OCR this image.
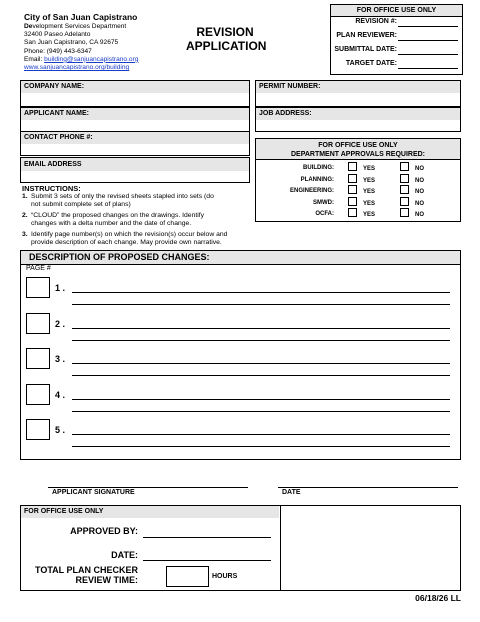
City of San Juan Capistrano
Development Services Department
32400 Paseo Adelanto
San Juan Capistrano, CA 92675
Phone: (949) 443-6347
Email: building@sanjuancapistrano.org
www.sanjuancapistrano.org/building
REVISION
APPLICATION
FOR OFFICE USE ONLY
REVISION #:
PLAN REVIEWER:
SUBMITTAL DATE:
TARGET DATE:
COMPANY NAME:	PERMIT NUMBER:
APPLICANT NAME:	JOB ADDRESS:
CONTACT PHONE #:
EMAIL ADDRESS
FOR OFFICE USE ONLY
DEPARTMENT APPROVALS REQUIRED:
BUILDING:	YES	NO
PLANNING:	YES	NO
ENGINEERING:	YES	NO
SMWD:	YES	NO
OCFA:	YES	NO
INSTRUCTIONS:
1. Submit 3 sets of only the revised sheets stapled into sets (do
not submit complete set of plans)
2. “CLOUD” the proposed changes on the drawings. Identify
changes with a delta number and the date of change.
3. Identify page number(s) on which the revision(s) occur below and
provide description of each change. May provide own narrative.
DESCRIPTION OF PROPOSED CHANGES:
PAGE #
1 .
2 .
3 .
4 .
5 .
APPLICANT SIGNATURE	DATE
FOR OFFICE USE ONLY
APPROVED BY:
DATE:
TOTAL PLAN CHECKER
REVIEW TIME:	HOURS
06/18/26 LL
